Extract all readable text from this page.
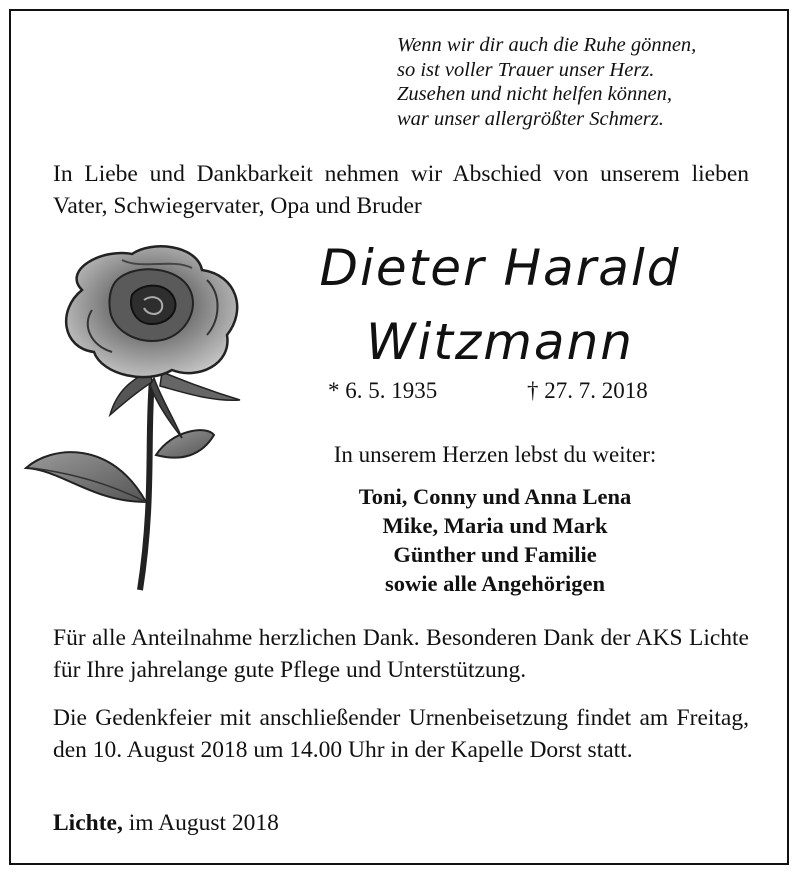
Wenn wir dir auch die Ruhe gönnen,
so ist voller Trauer unser Herz.
Zusehen und nicht helfen können,
war unser allergrößter Schmerz.
In Liebe und Dankbarkeit nehmen wir Abschied von unserem lieben Vater, Schwiegervater, Opa und Bruder
Dieter Harald
Witzmann
* 6. 5. 1935	† 27. 7. 2018
In unserem Herzen lebst du weiter:
Toni, Conny und Anna Lena
Mike, Maria und Mark
Günther und Familie
sowie alle Angehörigen
Für alle Anteilnahme herzlichen Dank. Besonderen Dank der AKS Lichte für Ihre jahrelange gute Pflege und Unterstützung.
Die Gedenkfeier mit anschließender Urnenbeisetzung findet am Freitag, den 10. August 2018 um 14.00 Uhr in der Kapelle Dorst statt.
Lichte, im August 2018
